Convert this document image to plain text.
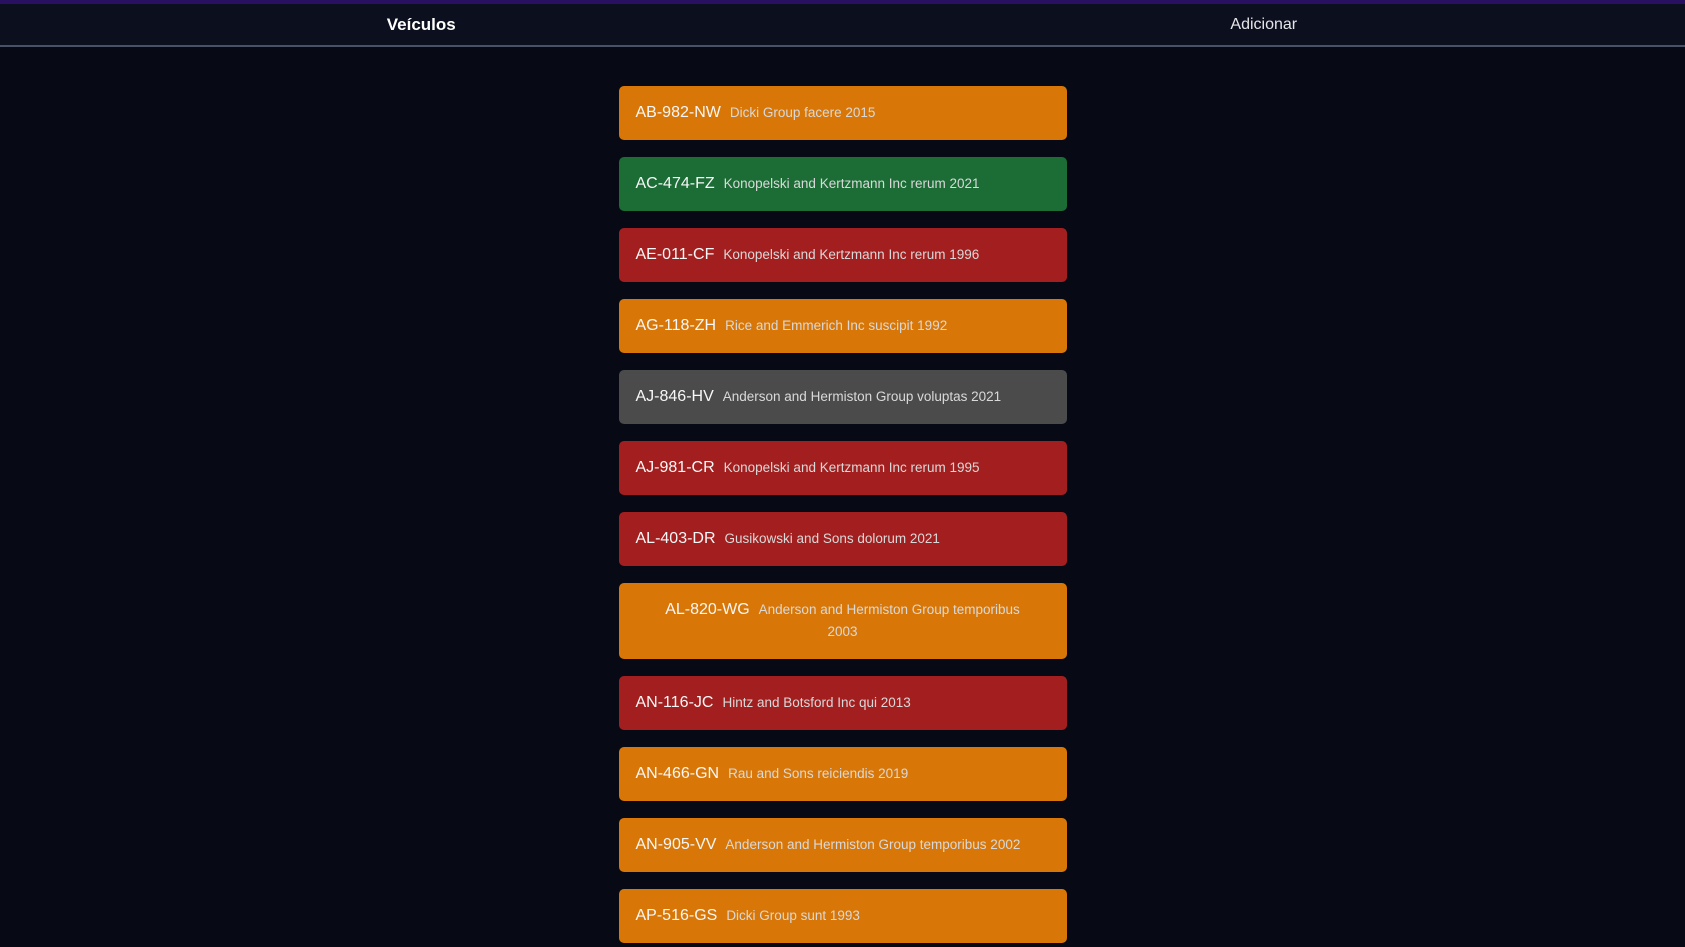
Veículos	Adicionar
AB-982-NW Dicki Group facere 2015
AC-474-FZ Konopelski and Kertzmann Inc rerum 2021
AE-011-CF Konopelski and Kertzmann Inc rerum 1996
AG-118-ZH Rice and Emmerich Inc suscipit 1992
AJ-846-HV Anderson and Hermiston Group voluptas 2021
AJ-981-CR Konopelski and Kertzmann Inc rerum 1995
AL-403-DR Gusikowski and Sons dolorum 2021
AL-820-WG Anderson and Hermiston Group temporibus
2003
AN-116-JC Hintz and Botsford Inc qui 2013
AN-466-GN Rau and Sons reiciendis 2019
AN-905-VV Anderson and Hermiston Group temporibus 2002
AP-516-GS Dicki Group sunt 1993
